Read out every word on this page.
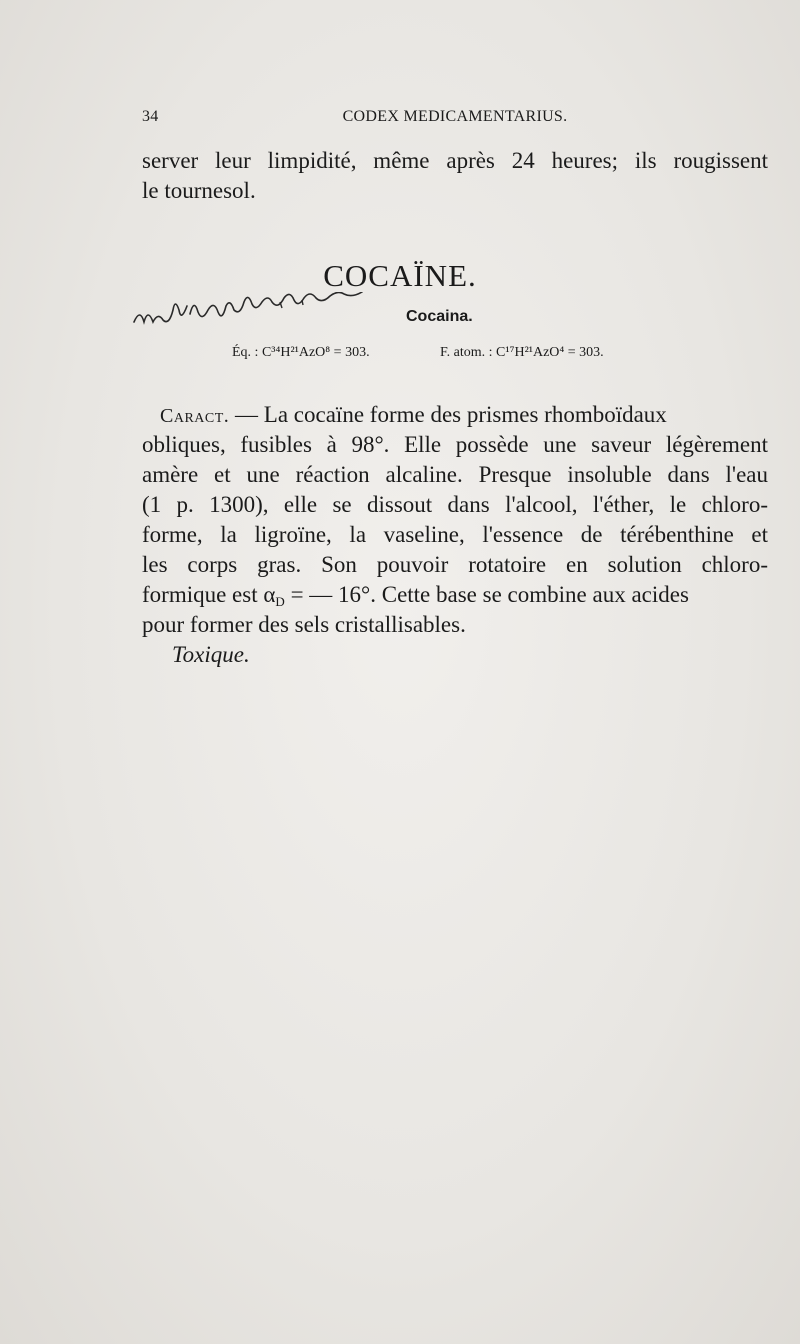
34	CODEX MEDICAMENTARIUS.
server leur limpidité, même après 24 heures; ils rougissent
le tournesol.
COCAÏNE.
Cocaina.
Éq. : C³⁴H²¹AzO⁸ = 303.	F. atom. : C¹⁷H²¹AzO⁴ = 303.
Caract. — La cocaïne forme des prismes rhomboïdaux
obliques, fusibles à 98°. Elle possède une saveur légèrement
amère et une réaction alcaline. Presque insoluble dans l'eau
(1 p. 1300), elle se dissout dans l'alcool, l'éther, le chloro-
forme, la ligroïne, la vaseline, l'essence de térébenthine et
les corps gras. Son pouvoir rotatoire en solution chloro-
formique est $\alpha_D$ = — 16°. Cette base se combine aux acides
pour former des sels cristallisables.
Toxique.
